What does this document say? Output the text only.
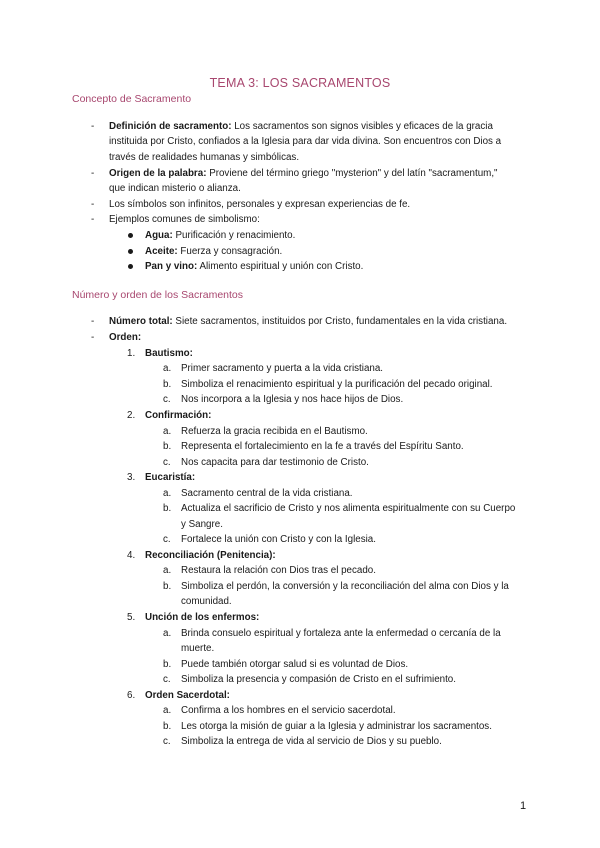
TEMA 3: LOS SACRAMENTOS
Concepto de Sacramento
- Definición de sacramento: Los sacramentos son signos visibles y eficaces de la gracia
instituida por Cristo, confiados a la Iglesia para dar vida divina. Son encuentros con Dios a
través de realidades humanas y simbólicas.
- Origen de la palabra: Proviene del término griego "mysterion" y del latín "sacramentum,"
que indican misterio o alianza.
- Los símbolos son infinitos, personales y expresan experiencias de fe.
- Ejemplos comunes de simbolismo:
Agua: Purificación y renacimiento.
Aceite: Fuerza y consagración.
Pan y vino: Alimento espiritual y unión con Cristo.
Número y orden de los Sacramentos
- Número total: Siete sacramentos, instituidos por Cristo, fundamentales en la vida cristiana.
- Orden:
1. Bautismo:
a. Primer sacramento y puerta a la vida cristiana.
b. Simboliza el renacimiento espiritual y la purificación del pecado original.
c. Nos incorpora a la Iglesia y nos hace hijos de Dios.
2. Confirmación:
a. Refuerza la gracia recibida en el Bautismo.
b. Representa el fortalecimiento en la fe a través del Espíritu Santo.
c. Nos capacita para dar testimonio de Cristo.
3. Eucaristía:
a. Sacramento central de la vida cristiana.
b. Actualiza el sacrificio de Cristo y nos alimenta espiritualmente con su Cuerpo
y Sangre.
c. Fortalece la unión con Cristo y con la Iglesia.
4. Reconciliación (Penitencia):
a. Restaura la relación con Dios tras el pecado.
b. Simboliza el perdón, la conversión y la reconciliación del alma con Dios y la
comunidad.
5. Unción de los enfermos:
a. Brinda consuelo espiritual y fortaleza ante la enfermedad o cercanía de la
muerte.
b. Puede también otorgar salud si es voluntad de Dios.
c. Simboliza la presencia y compasión de Cristo en el sufrimiento.
6. Orden Sacerdotal:
a. Confirma a los hombres en el servicio sacerdotal.
b. Les otorga la misión de guiar a la Iglesia y administrar los sacramentos.
c. Simboliza la entrega de vida al servicio de Dios y su pueblo.
1
